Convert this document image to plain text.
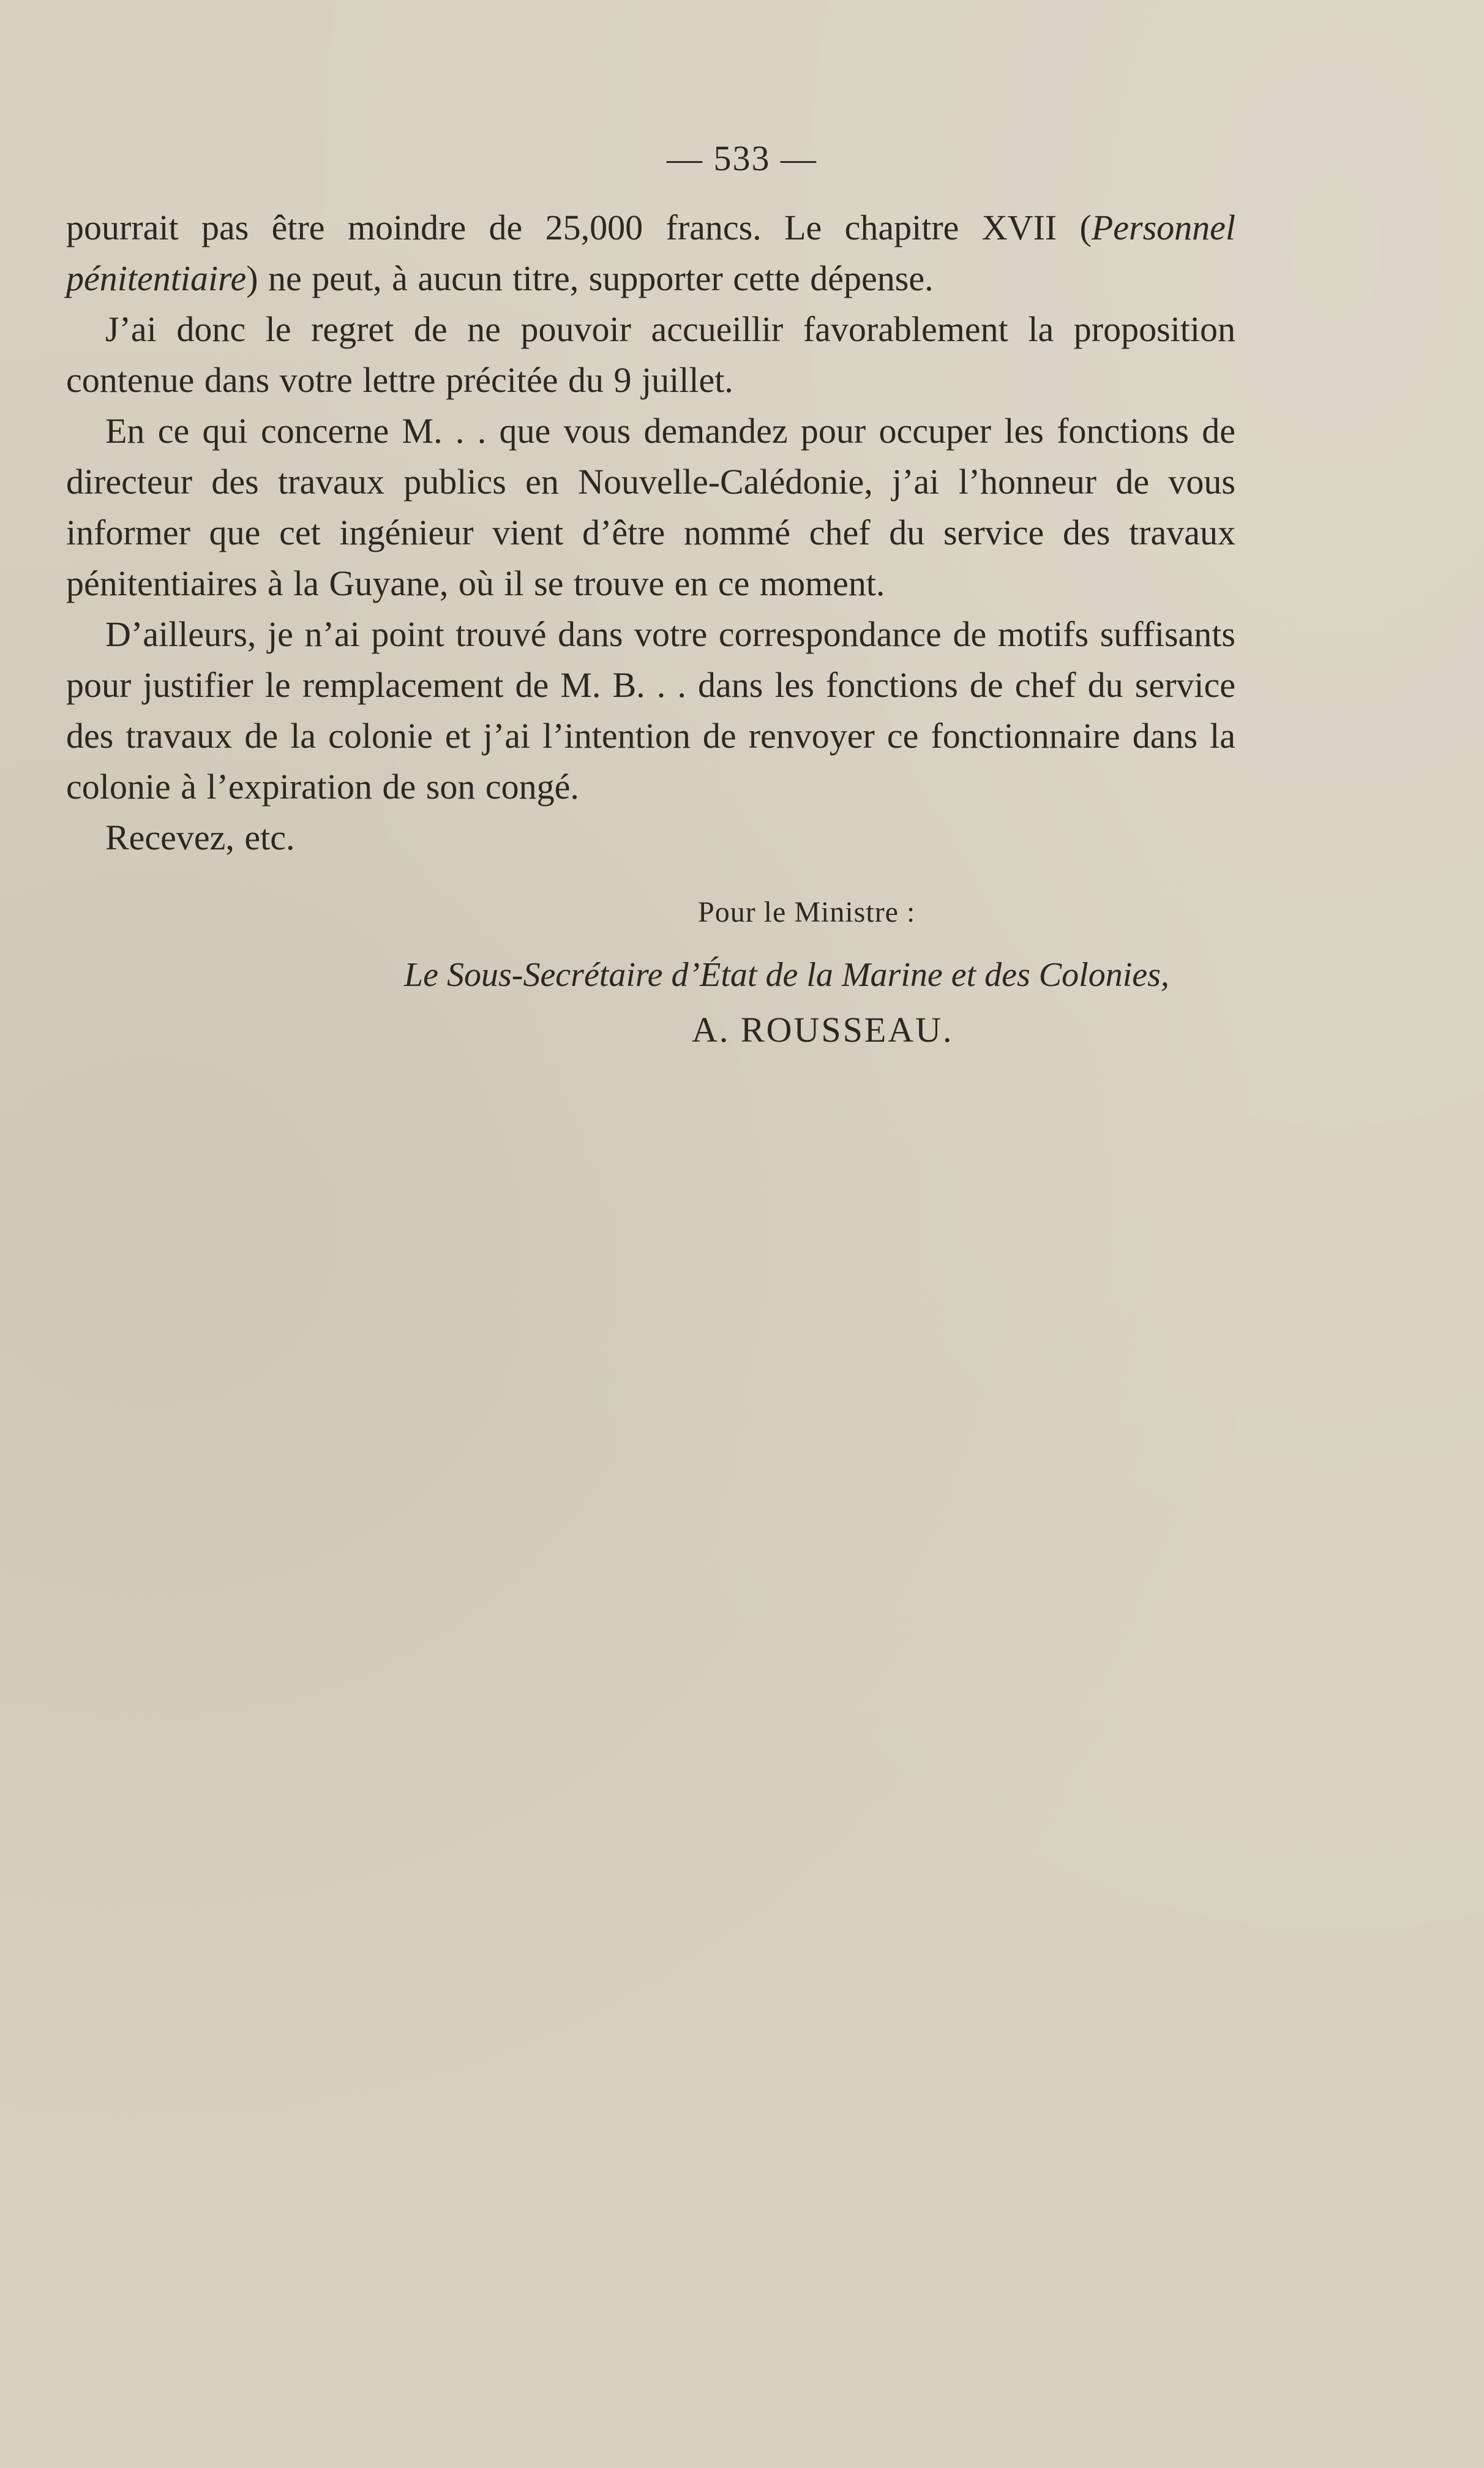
— 533 —

pourrait pas être moindre de 25,000 francs. Le chapitre XVII (Personnel pénitentiaire) ne peut, à aucun titre, supporter cette dépense.

J’ai donc le regret de ne pouvoir accueillir favorablement la proposition contenue dans votre lettre précitée du 9 juillet.

En ce qui concerne M. . . que vous demandez pour occuper les fonctions de directeur des travaux publics en Nouvelle-Calédonie, j’ai l’honneur de vous informer que cet ingénieur vient d’être nommé chef du service des travaux pénitentiaires à la Guyane, où il se trouve en ce moment.

D’ailleurs, je n’ai point trouvé dans votre correspondance de motifs suffisants pour justifier le remplacement de M. B. . . dans les fonctions de chef du service des travaux de la colonie et j’ai l’intention de renvoyer ce fonctionnaire dans la colonie à l’expiration de son congé.

Recevez, etc.

Pour le Ministre :
Le Sous-Secrétaire d’État de la Marine et des Colonies,
A. ROUSSEAU.
